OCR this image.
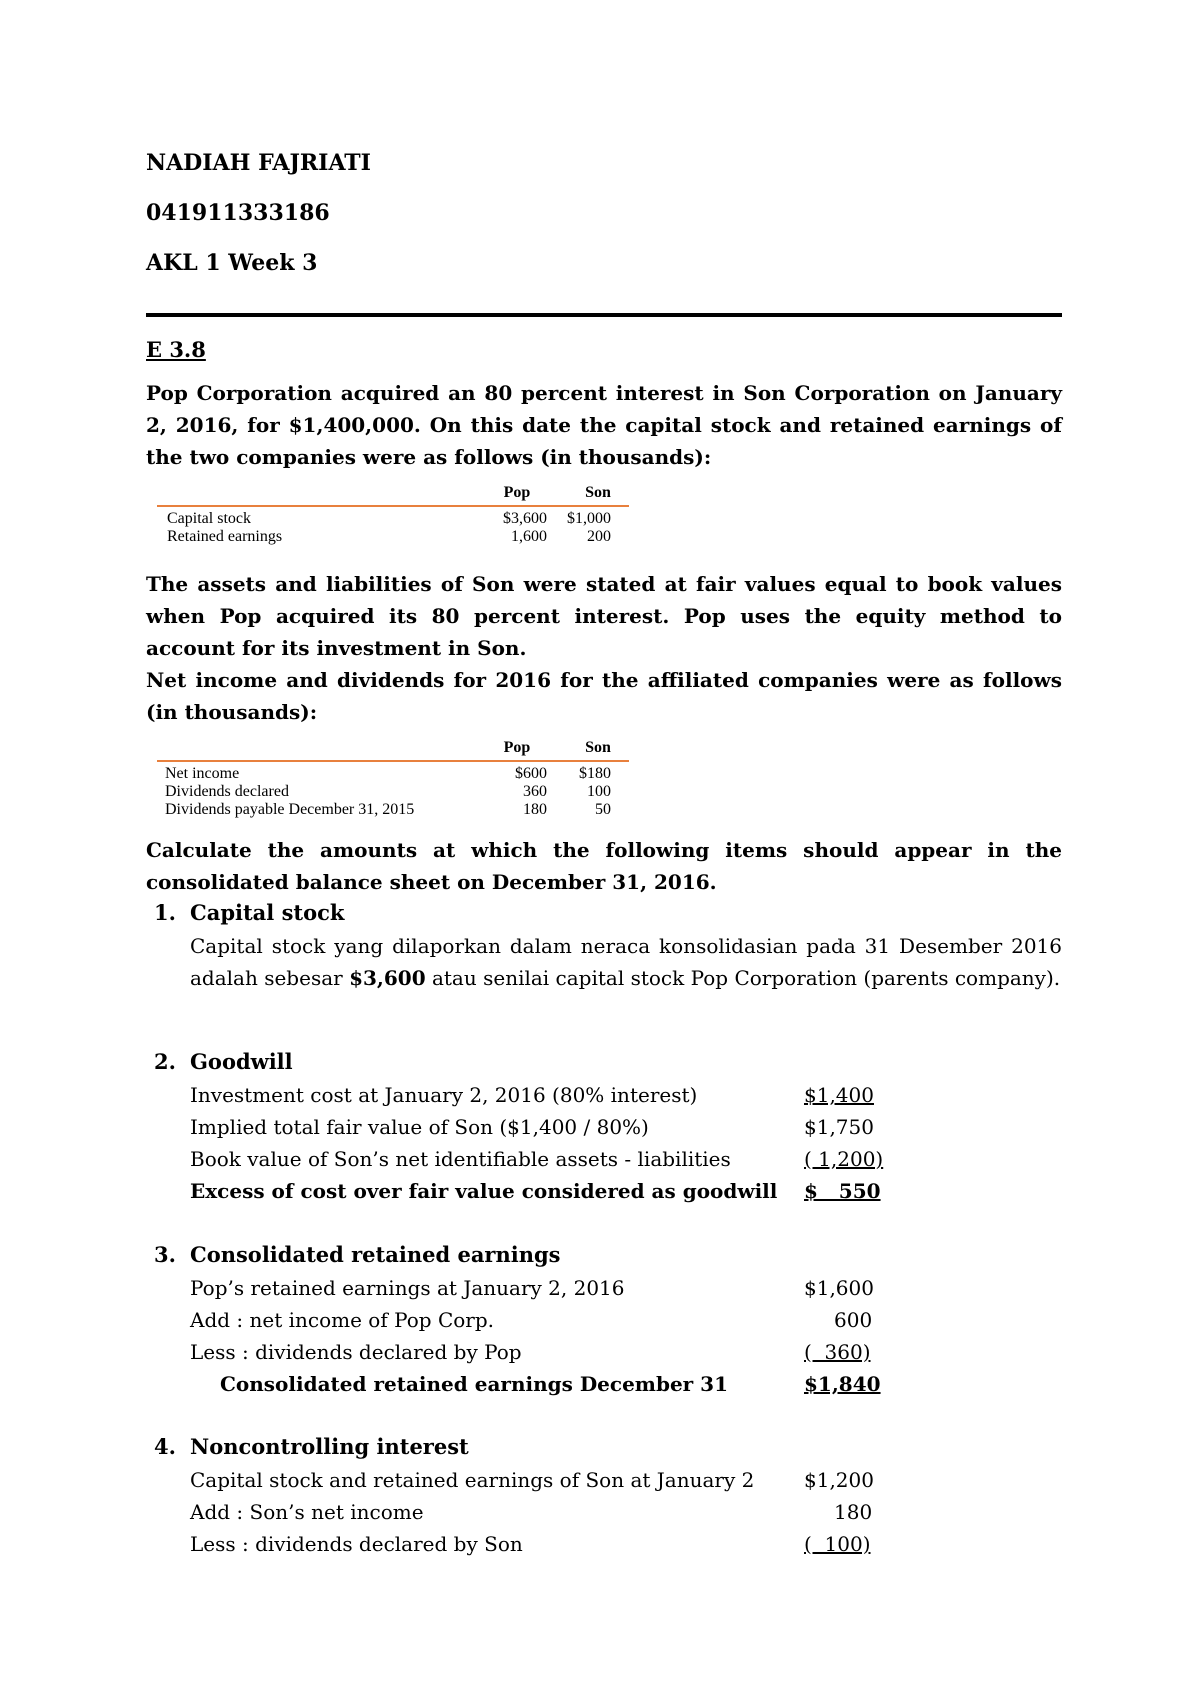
NADIAH FAJRIATI
041911333186
AKL 1 Week 3
E 3.8
Pop Corporation acquired an 80 percent interest in Son Corporation on January 2, 2016, for $1,400,000. On this date the capital stock and retained earnings of the two companies were as follows (in thousands):
	Pop	Son
Capital stock	$3,600	$1,000
Retained earnings	1,600	200
The assets and liabilities of Son were stated at fair values equal to book values when Pop acquired its 80 percent interest. Pop uses the equity method to account for its investment in Son.
Net income and dividends for 2016 for the affiliated companies were as follows (in thousands):
	Pop	Son
Net income	$600	$180
Dividends declared	360	100
Dividends payable December 31, 2015	180	50
Calculate the amounts at which the following items should appear in the consolidated balance sheet on December 31, 2016.
1. Capital stock
Capital stock yang dilaporkan dalam neraca konsolidasian pada 31 Desember 2016 adalah sebesar $3,600 atau senilai capital stock Pop Corporation (parents company).
2. Goodwill
Investment cost at January 2, 2016 (80% interest)	$1,400
Implied total fair value of Son ($1,400 / 80%)	$1,750
Book value of Son’s net identifiable assets - liabilities	( 1,200)
Excess of cost over fair value considered as goodwill $   550
3. Consolidated retained earnings
Pop’s retained earnings at January 2, 2016	$1,600
Add : net income of Pop Corp.	600
Less : dividends declared by Pop	(  360)
Consolidated retained earnings December 31	$1,840
4. Noncontrolling interest
Capital stock and retained earnings of Son at January 2 $1,200
Add : Son’s net income	180
Less : dividends declared by Son	(  100)
